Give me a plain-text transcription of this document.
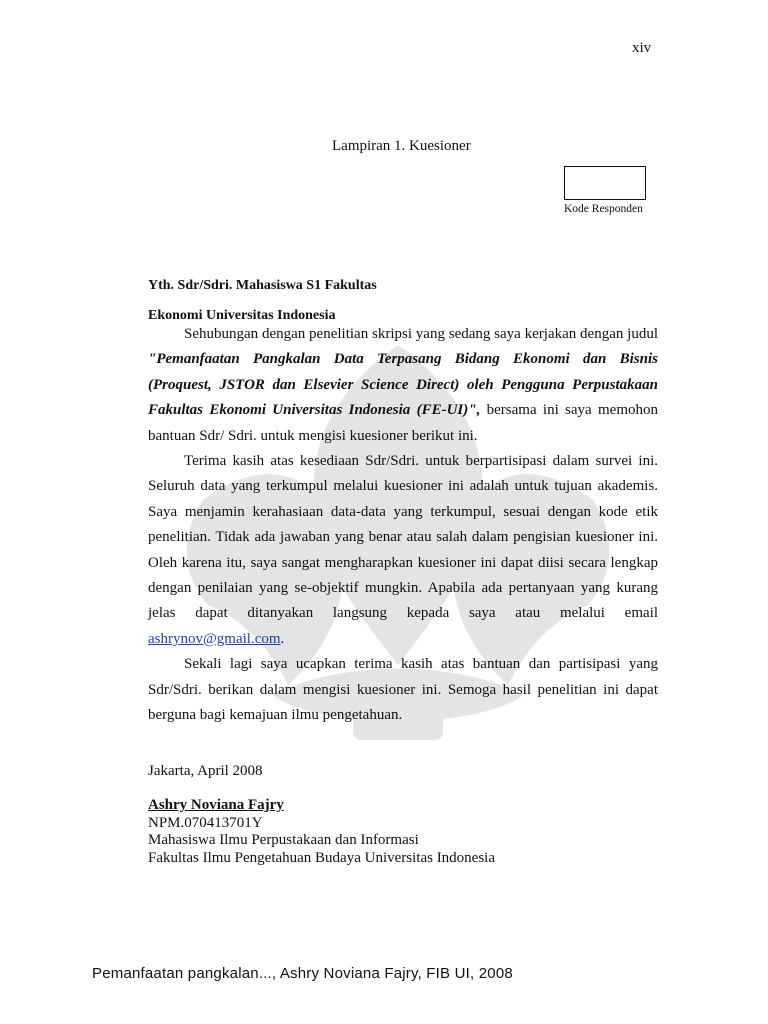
xiv
Lampiran 1. Kuesioner
Kode Responden

Yth. Sdr/Sdri. Mahasiswa S1 Fakultas

Ekonomi Universitas Indonesia

Sehubungan dengan penelitian skripsi yang sedang saya kerjakan dengan judul "Pemanfaatan Pangkalan Data Terpasang Bidang Ekonomi dan Bisnis (Proquest, JSTOR dan Elsevier Science Direct) oleh Pengguna Perpustakaan Fakultas Ekonomi Universitas Indonesia (FE-UI)", bersama ini saya memohon bantuan Sdr/ Sdri. untuk mengisi kuesioner berikut ini.

Terima kasih atas kesediaan Sdr/Sdri. untuk berpartisipasi dalam survei ini. Seluruh data yang terkumpul melalui kuesioner ini adalah untuk tujuan akademis. Saya menjamin kerahasiaan data-data yang terkumpul, sesuai dengan kode etik penelitian. Tidak ada jawaban yang benar atau salah dalam pengisian kuesioner ini. Oleh karena itu, saya sangat mengharapkan kuesioner ini dapat diisi secara lengkap dengan penilaian yang se-objektif mungkin. Apabila ada pertanyaan yang kurang jelas dapat ditanyakan langsung kepada saya atau melalui email ashrynov@gmail.com.

Sekali lagi saya ucapkan terima kasih atas bantuan dan partisipasi yang Sdr/Sdri. berikan dalam mengisi kuesioner ini. Semoga hasil penelitian ini dapat berguna bagi kemajuan ilmu pengetahuan.

Jakarta, April 2008
Ashry Noviana Fajry
NPM.070413701Y
Mahasiswa Ilmu Perpustakaan dan Informasi
Fakultas Ilmu Pengetahuan Budaya Universitas Indonesia
Pemanfaatan pangkalan..., Ashry Noviana Fajry, FIB UI, 2008
